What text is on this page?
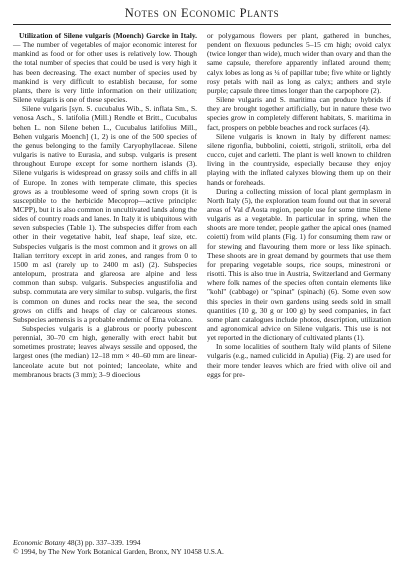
Notes on Economic Plants

Utilization of Silene vulgaris (Moench) Garcke in Italy. — The number of vegetables of major economic interest for mankind as food or for other uses is relatively low. Though the total number of species that could be used is very high it has been decreasing. The exact number of species used by mankind is very difficult to establish because, for some plants, there is very little information on their utilization; Silene vulgaris is one of these species.

Silene vulgaris [syn. S. cucubalus Wib., S. inflata Sm., S. venosa Asch., S. latifolia (Mill.) Rendle et Britt., Cucubalus behen L. non Silene behen L., Cucubalus latifolius Mill., Behen vulgaris Moench] (1, 2) is one of the 500 species of the genus belonging to the family Caryophyllaceae. Silene vulgaris is native to Eurasia, and subsp. vulgaris is present throughout Europe except for some northern islands (3). Silene vulgaris is widespread on grassy soils and cliffs in all of Europe. In zones with temperate climate, this species grows as a troublesome weed of spring sown crops (it is susceptible to the herbicide Mecoprop—active principle: MCPP), but it is also common in uncultivated lands along the sides of country roads and lanes. In Italy it is ubiquitous with seven subspecies (Table 1). The subspecies differ from each other in their vegetative habit, leaf shape, leaf size, etc. Subspecies vulgaris is the most common and it grows on all Italian territory except in arid zones, and ranges from 0 to 1500 m asl (rarely up to 2400 m asl) (2). Subspecies antelopum, prostrata and glareosa are alpine and less common than subsp. vulgaris. Subspecies angustifolia and subsp. commutata are very similar to subsp. vulgaris, the first is common on dunes and rocks near the sea, the second grows on cliffs and heaps of clay or calcareous stones. Subspecies aetnensis is a probable endemic of Etna volcano.

Subspecies vulgaris is a glabrous or poorly pubescent perennial, 30–70 cm high, generally with erect habit but sometimes prostrate; leaves always sessile and opposed, the largest ones (the median) 12–18 mm × 40–60 mm are linear-lanceolate acute but not pointed; lanceolate, white and membranous bracts (3 mm); 3–9 dioecious

or polygamous flowers per plant, gathered in bunches, pendent on flexuous peduncles 5–15 cm high; ovoid calyx (twice longer than wide), much wider than ovary and than the same capsule, therefore apparently inflated around them; calyx lobes as long as ¼ of papillar tube; five white or lightly rosy petals with nail as long as calyx; anthers and style purple; capsule three times longer than the carpophore (2).

Silene vulgaris and S. maritima can produce hybrids if they are brought together artificially, but in nature these two species grow in completely different habitats, S. maritima in fact, prospers on pebble beaches and rock surfaces (4).

Silene vulgaris is known in Italy by different names: silene rigonfia, bubbolini, coietti, strigoli, striitoli, erba del cucco, cujet and carletti. The plant is well known to children living in the countryside, especially because they enjoy playing with the inflated calyxes blowing them up on their hands or foreheads.

During a collecting mission of local plant germplasm in North Italy (5), the exploration team found out that in several areas of Val d'Aosta region, people use for some time Silene vulgaris as a vegetable. In particular in spring, when the shoots are more tender, people gather the apical ones (named coietti) from wild plants (Fig. 1) for consuming them raw or for stewing and flavouring them more or less like spinach. These shoots are in great demand by gourmets that use them for preparing vegetable soups, rice soups, minestroni or risotti. This is also true in Austria, Switzerland and Germany where folk names of the species often contain elements like "kohl" (cabbage) or "spinat" (spinach) (6). Some even sow this species in their own gardens using seeds sold in small quantities (10 g, 30 g or 100 g) by seed companies, in fact some plant catalogues include photos, description, utilization and agronomical advice on Silene vulgaris. This use is not yet reported in the dictionary of cultivated plants (1).

In some localities of southern Italy wild plants of Silene vulgaris (e.g., named culicidd in Apulia) (Fig. 2) are used for their more tender leaves which are fried with olive oil and eggs for pre-

Economic Botany 48(3) pp. 337–339. 1994
© 1994, by The New York Botanical Garden, Bronx, NY 10458 U.S.A.
